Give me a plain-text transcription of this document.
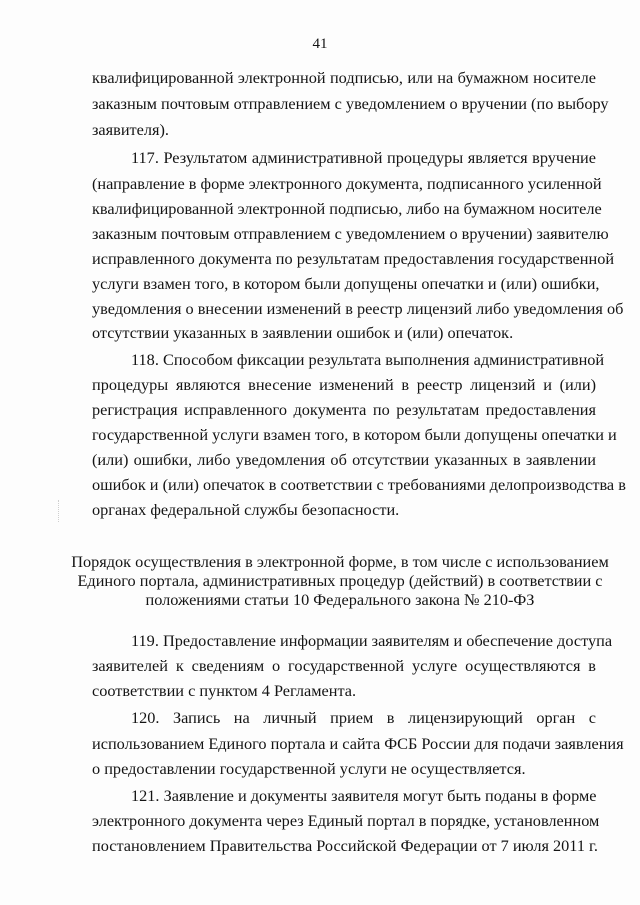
41
квалифицированной электронной подписью, или на бумажном носителе
заказным почтовым отправлением с уведомлением о вручении (по выбору
заявителя).
117. Результатом административной процедуры является вручение
(направление в форме электронного документа, подписанного усиленной
квалифицированной электронной подписью, либо на бумажном носителе
заказным почтовым отправлением с уведомлением о вручении) заявителю
исправленного документа по результатам предоставления государственной
услуги взамен того, в котором были допущены опечатки и (или) ошибки,
уведомления о внесении изменений в реестр лицензий либо уведомления об
отсутствии указанных в заявлении ошибок и (или) опечаток.
118. Способом фиксации результата выполнения административной
процедуры являются внесение изменений в реестр лицензий и (или)
регистрация исправленного документа по результатам предоставления
государственной услуги взамен того, в котором были допущены опечатки и
(или) ошибки, либо уведомления об отсутствии указанных в заявлении
ошибок и (или) опечаток в соответствии с требованиями делопроизводства в
органах федеральной службы безопасности.
Порядок осуществления в электронной форме, в том числе с использованием
Единого портала, административных процедур (действий) в соответствии с
положениями статьи 10 Федерального закона № 210-ФЗ
119. Предоставление информации заявителям и обеспечение доступа
заявителей к сведениям о государственной услуге осуществляются в
соответствии с пунктом 4 Регламента.
120. Запись на личный прием в лицензирующий орган с
использованием Единого портала и сайта ФСБ России для подачи заявления
о предоставлении государственной услуги не осуществляется.
121. Заявление и документы заявителя могут быть поданы в форме
электронного документа через Единый портал в порядке, установленном
постановлением Правительства Российской Федерации от 7 июля 2011 г.
